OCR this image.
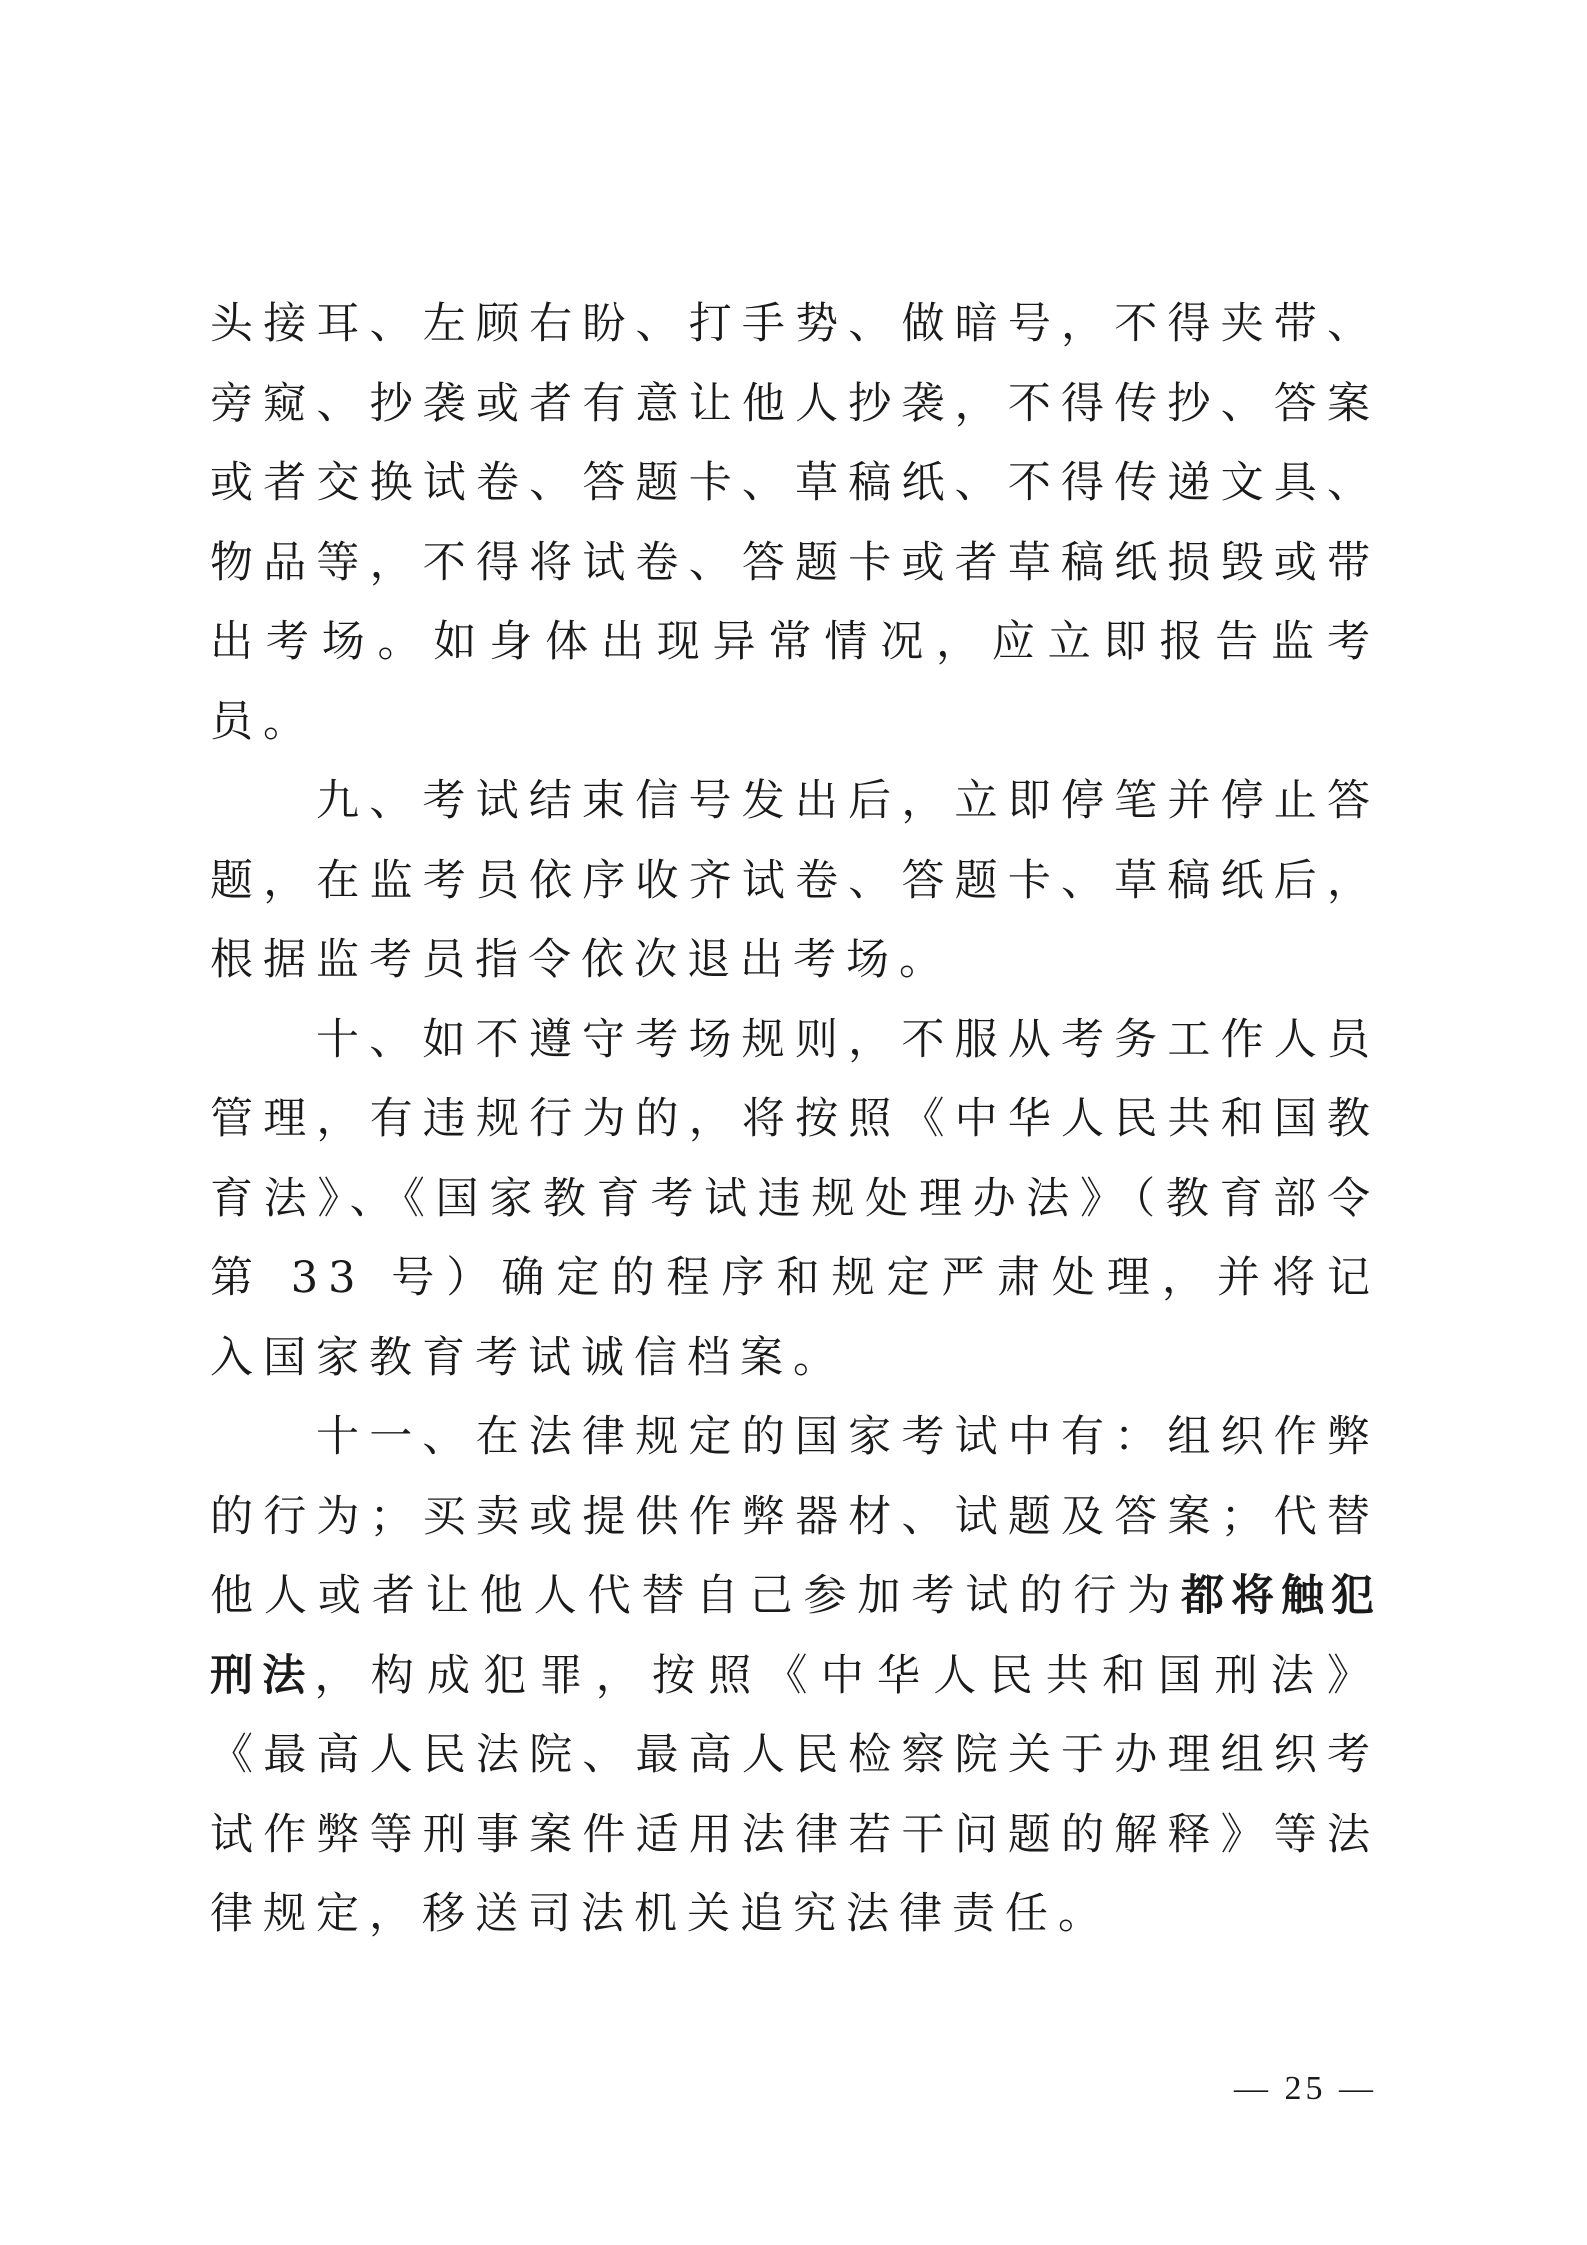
头接耳、左顾右盼、打手势、做暗号，不得夹带、旁窥、抄袭或者有意让他人抄袭，不得传抄、答案或者交换试卷、答题卡、草稿纸、不得传递文具、物品等，不得将试卷、答题卡或者草稿纸损毁或带出考场。如身体出现异常情况，应立即报告监考员。

九、考试结束信号发出后，立即停笔并停止答题，在监考员依序收齐试卷、答题卡、草稿纸后，根据监考员指令依次退出考场。

十、如不遵守考场规则，不服从考务工作人员管理，有违规行为的，将按照《中华人民共和国教育法》、《国家教育考试违规处理办法》（教育部令第 33 号）确定的程序和规定严肃处理，并将记入国家教育考试诚信档案。

十一、在法律规定的国家考试中有：组织作弊的行为；买卖或提供作弊器材、试题及答案；代替他人或者让他人代替自己参加考试的行为都将触犯刑法，构成犯罪，按照《中华人民共和国刑法》《最高人民法院、最高人民检察院关于办理组织考试作弊等刑事案件适用法律若干问题的解释》等法律规定，移送司法机关追究法律责任。

— 25 —
